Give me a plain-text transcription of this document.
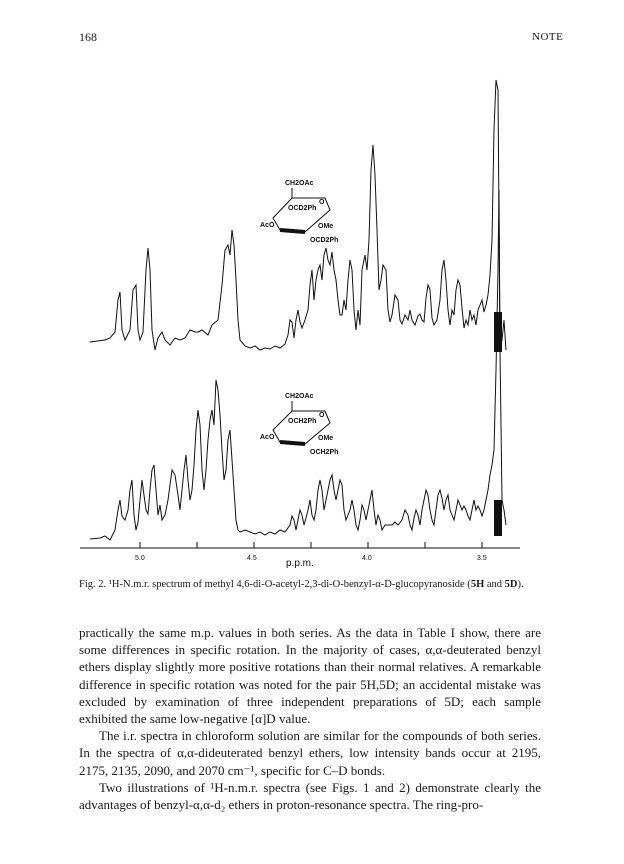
168	NOTE
CH2OAc
O
OCD2Ph
AcO	OMe
OCD2Ph
CH2OAc
O
OCH2Ph
AcO	OMe
OCH2Ph
5.0	4.5	4.0	3.5
p.p.m.
Fig. 2. ¹H-N.m.r. spectrum of methyl 4,6-di-O-acetyl-2,3-di-O-benzyl-α-D-glucopyranoside (5H and 5D).

practically the same m.p. values in both series. As the data in Table I show, there are some differences in specific rotation. In the majority of cases, α,α-deuterated benzyl ethers display slightly more positive rotations than their normal relatives. A remarkable difference in specific rotation was noted for the pair 5H,5D; an accidental mistake was excluded by examination of three independent preparations of 5D; each sample exhibited the same low-negative [α]D value.

The i.r. spectra in chloroform solution are similar for the compounds of both series. In the spectra of α,α-dideuterated benzyl ethers, low intensity bands occur at 2195, 2175, 2135, 2090, and 2070 cm⁻¹, specific for C–D bonds.

Two illustrations of ¹H-n.m.r. spectra (see Figs. 1 and 2) demonstrate clearly the advantages of benzyl-α,α-d₂ ethers in proton-resonance spectra. The ring-pro-
